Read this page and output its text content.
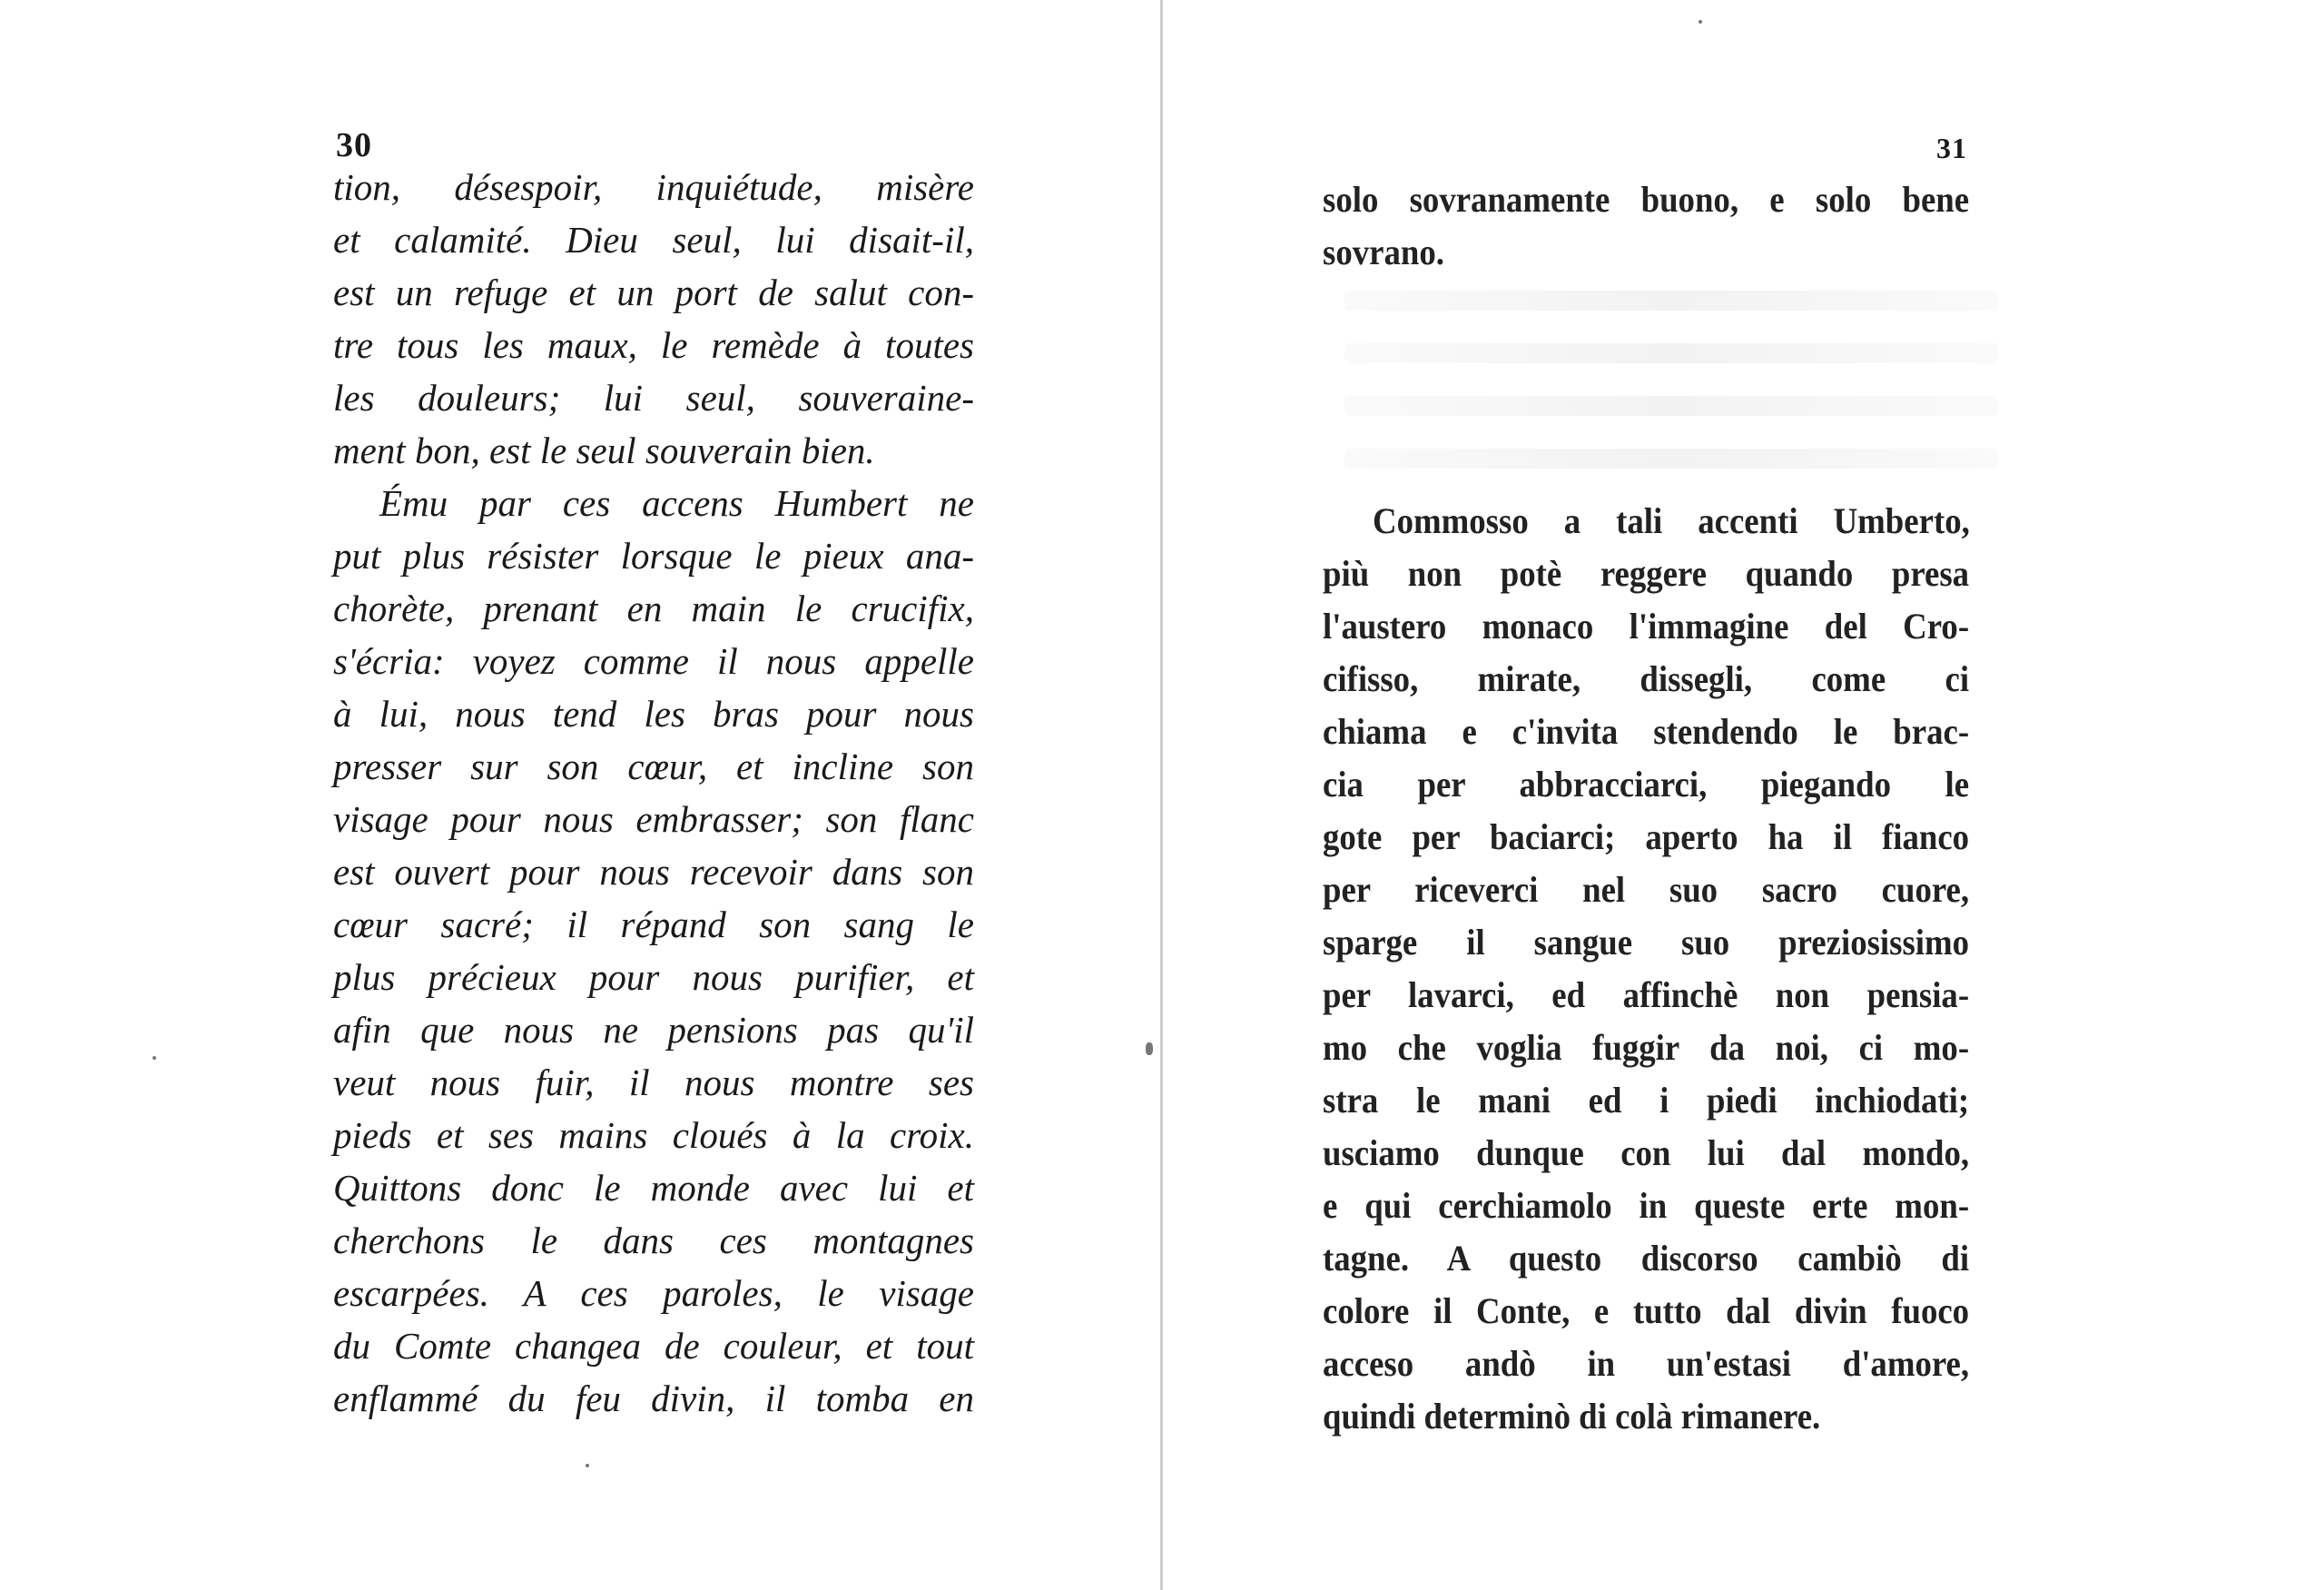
30
tion, désespoir, inquiétude, misère
et calamité. Dieu seul, lui disait-il,
est un refuge et un port de salut con-
tre tous les maux, le remède à toutes
les douleurs; lui seul, souveraine-
ment bon, est le seul souverain bien.
Ému par ces accens Humbert ne
put plus résister lorsque le pieux ana-
chorète, prenant en main le crucifix,
s'écria: voyez comme il nous appelle
à lui, nous tend les bras pour nous
presser sur son cœur, et incline son
visage pour nous embrasser; son flanc
est ouvert pour nous recevoir dans son
cœur sacré; il répand son sang le
plus précieux pour nous purifier, et
afin que nous ne pensions pas qu'il
veut nous fuir, il nous montre ses
pieds et ses mains cloués à la croix.
Quittons donc le monde avec lui et
cherchons le dans ces montagnes
escarpées. A ces paroles, le visage
du Comte changea de couleur, et tout
enflammé du feu divin, il tomba en
31
solo sovranamente buono, e solo bene
sovrano.
Commosso a tali accenti Umberto,
più non potè reggere quando presa
l'austero monaco l'immagine del Cro-
cifisso, mirate, dissegli, come ci
chiama e c'invita stendendo le brac-
cia per abbracciarci, piegando le
gote per baciarci; aperto ha il fianco
per riceverci nel suo sacro cuore,
sparge il sangue suo preziosissimo
per lavarci, ed affinchè non pensia-
mo che voglia fuggir da noi, ci mo-
stra le mani ed i piedi inchiodati;
usciamo dunque con lui dal mondo,
e qui cerchiamolo in queste erte mon-
tagne. A questo discorso cambiò di
colore il Conte, e tutto dal divin fuoco
acceso andò in un'estasi d'amore,
quindi determinò di colà rimanere.
